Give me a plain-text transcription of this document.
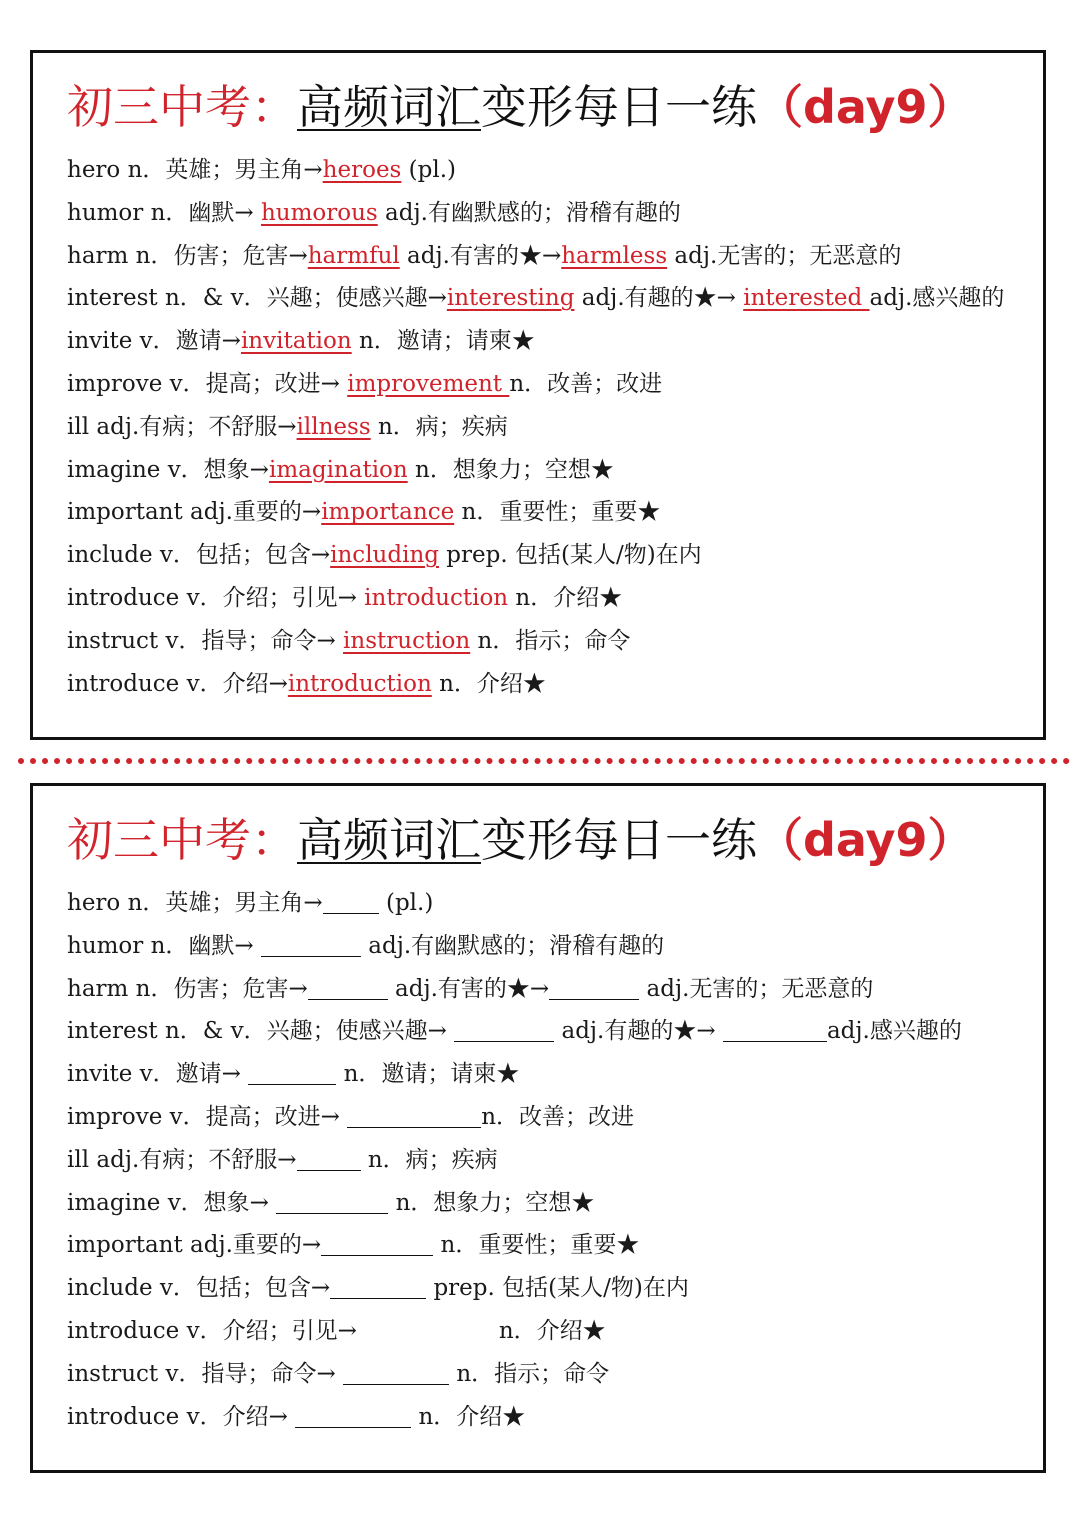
初三中考： 高频词汇 变形每日一练 （ day9 ）
hero n．英雄；男主角→heroes (pl.)
humor n．幽默→ humorous adj.有幽默感的；滑稽有趣的
harm n．伤害；危害→harmful adj.有害的★→harmless adj.无害的；无恶意的
interest n．& v．兴趣；使感兴趣→interesting adj.有趣的★→ interested adj.感兴趣的
invite v．邀请→invitation n．邀请；请柬★
improve v．提高；改进→ improvement n．改善；改进
ill adj.有病；不舒服→illness n．病；疾病
imagine v．想象→imagination n．想象力；空想★
important adj.重要的→importance n．重要性；重要★
include v．包括；包含→including prep. 包括(某人/物)在内
introduce v．介绍；引见→ introduction n．介绍★
instruct v．指导；命令→ instruction n．指示；命令
introduce v．介绍→introduction n．介绍★
初三中考： 高频词汇 变形每日一练 （ day9 ）
hero n．英雄；男主角→ (pl.)
humor n．幽默→	adj.有幽默感的；滑稽有趣的
harm n．伤害；危害→	adj.有害的★→	adj.无害的；无恶意的
interest n．& v．兴趣；使感兴趣→	adj.有趣的★→	adj.感兴趣的
invite v．邀请→	n．邀请；请柬★
improve v．提高；改进→	n．改善；改进
ill adj.有病；不舒服→	n．病；疾病
imagine v．想象→	n．想象力；空想★
important adj.重要的→	n．重要性；重要★
include v．包括；包含→	prep. 包括(某人/物)在内
introduce v．介绍；引见→	n．介绍★
instruct v．指导；命令→	n．指示；命令
introduce v．介绍→	n．介绍★
